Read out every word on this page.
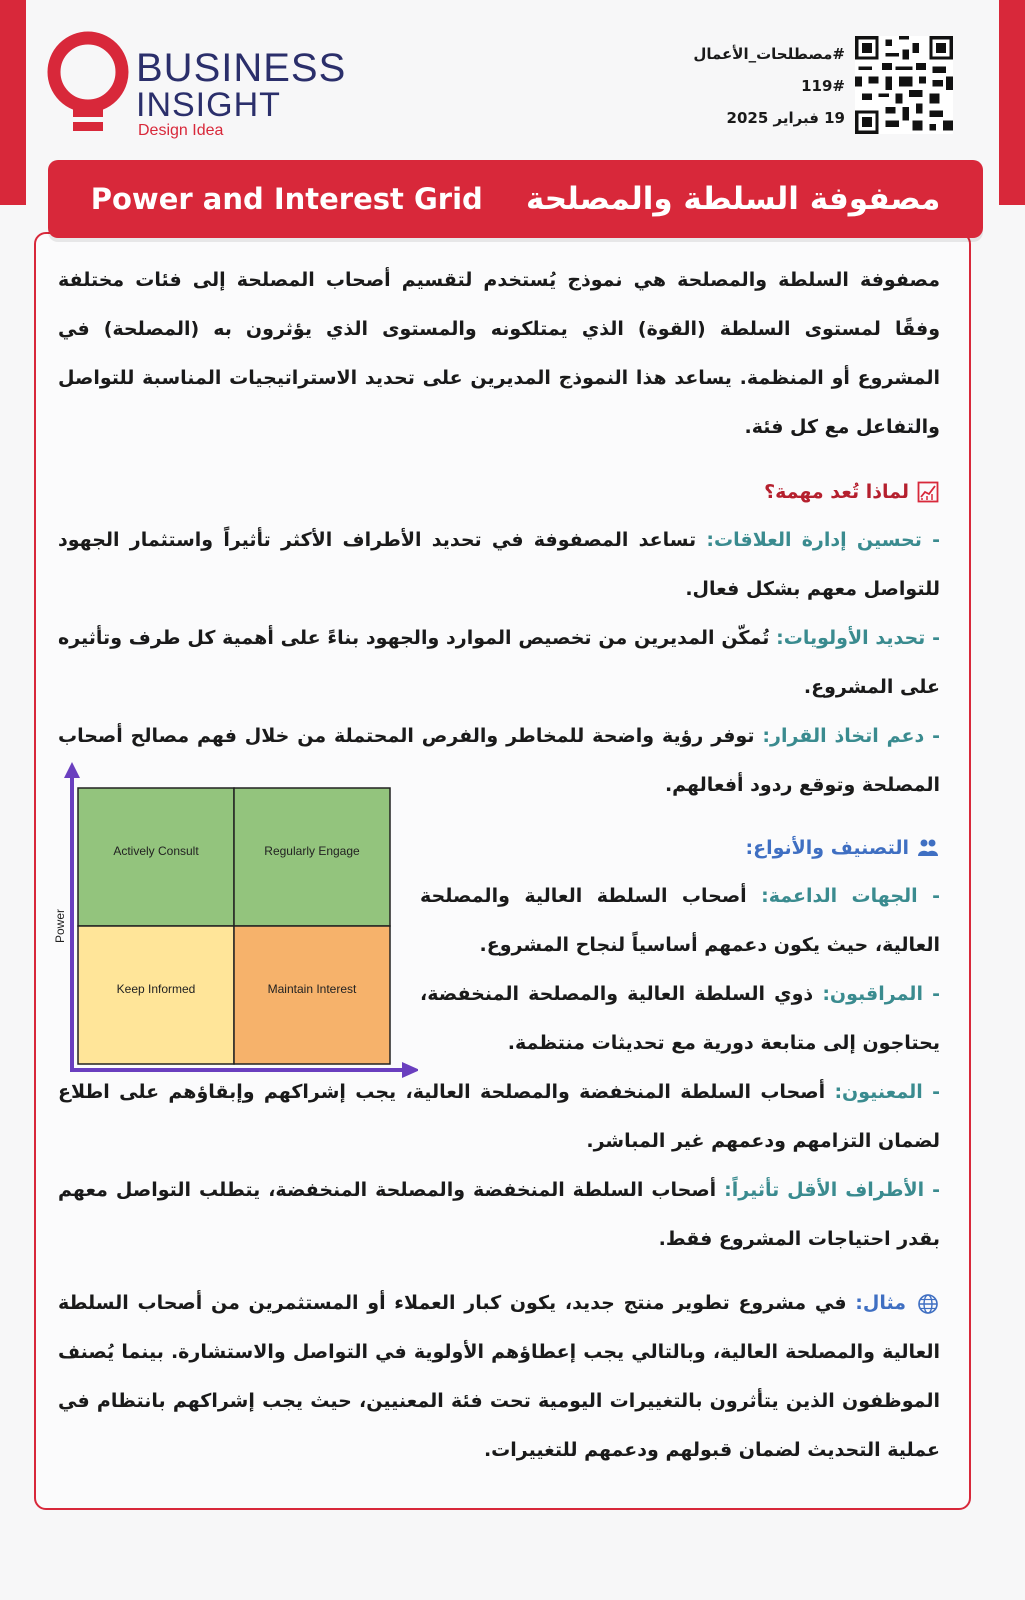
BUSINESS
INSIGHT
Design Idea
#مصطلحات_الأعمال
119#
19 فبراير 2025
مصفوفة السلطة والمصلحة    Power and Interest Grid
مصفوفة السلطة والمصلحة هي نموذج يُستخدم لتقسيم أصحاب المصلحة إلى فئات مختلفة وفقًا لمستوى السلطة (القوة) الذي يمتلكونه والمستوى الذي يؤثرون به (المصلحة) في المشروع أو المنظمة. يساعد هذا النموذج المديرين على تحديد الاستراتيجيات المناسبة للتواصل والتفاعل مع كل فئة.
لماذا تُعد مهمة؟
- تحسين إدارة العلاقات: تساعد المصفوفة في تحديد الأطراف الأكثر تأثيراً واستثمار الجهود للتواصل معهم بشكل فعال.
- تحديد الأولويات: تُمكّن المديرين من تخصيص الموارد والجهود بناءً على أهمية كل طرف وتأثيره على المشروع.
- دعم اتخاذ القرار: توفر رؤية واضحة للمخاطر والفرص المحتملة من خلال فهم مصالح أصحاب المصلحة وتوقع ردود أفعالهم.
Actively Consult	Regularly Engage
Keep Informed	Maintain Interest
Power
التصنيف والأنواع:
- الجهات الداعمة: أصحاب السلطة العالية والمصلحة العالية، حيث يكون دعمهم أساسياً لنجاح المشروع.
- المراقبون: ذوي السلطة العالية والمصلحة المنخفضة، يحتاجون إلى متابعة دورية مع تحديثات منتظمة.
- المعنيون: أصحاب السلطة المنخفضة والمصلحة العالية، يجب إشراكهم وإبقاؤهم على اطلاع لضمان التزامهم ودعمهم غير المباشر.
- الأطراف الأقل تأثيراً: أصحاب السلطة المنخفضة والمصلحة المنخفضة، يتطلب التواصل معهم بقدر احتياجات المشروع فقط.
مثال: في مشروع تطوير منتج جديد، يكون كبار العملاء أو المستثمرين من أصحاب السلطة العالية والمصلحة العالية، وبالتالي يجب إعطاؤهم الأولوية في التواصل والاستشارة. بينما يُصنف الموظفون الذين يتأثرون بالتغييرات اليومية تحت فئة المعنيين، حيث يجب إشراكهم بانتظام في عملية التحديث لضمان قبولهم ودعمهم للتغييرات.
